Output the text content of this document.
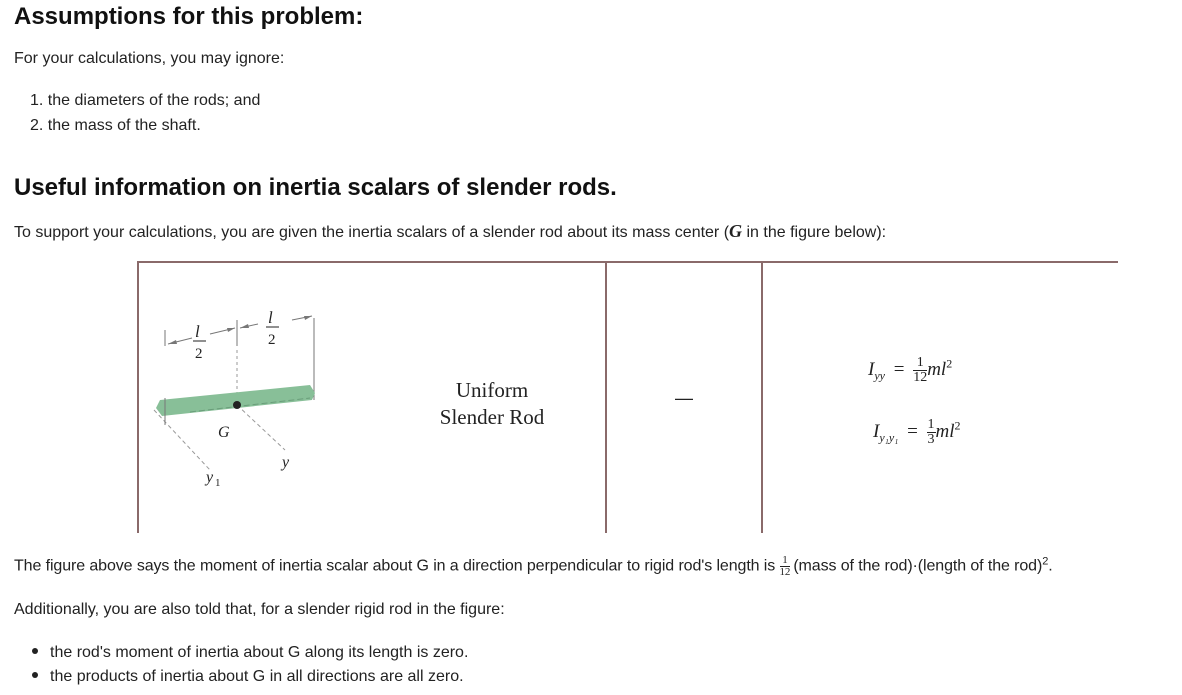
Assumptions for this problem:
For your calculations, you may ignore:
1. the diameters of the rods; and
2. the mass of the shaft.
Useful information on inertia scalars of slender rods.
To support your calculations, you are given the inertia scalars of a slender rod about its mass center (G in the figure below):
l
2
l
2
G
y
y 1
Uniform
Slender Rod
—
$I_{yy} = \frac{1}{12} ml^2$
$I_{y_1y_1} = \frac{1}{3} ml^2$
The figure above says the moment of inertia scalar about G in a direction perpendicular to rigid rod's length is $\frac{1}{12}$ (mass of the rod)·(length of the rod)$^2$.
Additionally, you are also told that, for a slender rigid rod in the figure:
the rod's moment of inertia about G along its length is zero.
the products of inertia about G in all directions are all zero.
